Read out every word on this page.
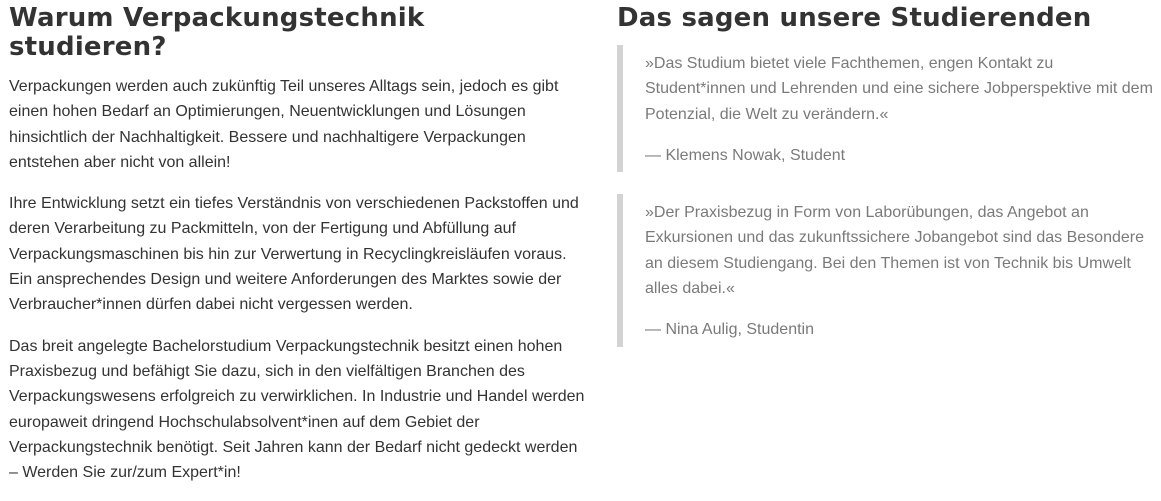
Warum Verpackungstechnik studieren?

Verpackungen werden auch zukünftig Teil unseres Alltags sein, jedoch es gibt einen hohen Bedarf an Optimierungen, Neuentwicklungen und Lösungen hinsichtlich der Nachhaltigkeit. Bessere und nachhaltigere Verpackungen entstehen aber nicht von allein!

Ihre Entwicklung setzt ein tiefes Verständnis von verschiedenen Packstoffen und deren Verarbeitung zu Packmitteln, von der Fertigung und Abfüllung auf Verpackungsmaschinen bis hin zur Verwertung in Recyclingkreisläufen voraus. Ein ansprechendes Design und weitere Anforderungen des Marktes sowie der Verbraucher*innen dürfen dabei nicht vergessen werden.

Das breit angelegte Bachelorstudium Verpackungstechnik besitzt einen hohen Praxisbezug und befähigt Sie dazu, sich in den vielfältigen Branchen des Verpackungswesens erfolgreich zu verwirklichen. In Industrie und Handel werden europaweit dringend Hochschulabsolvent*inen auf dem Gebiet der Verpackungstechnik benötigt. Seit Jahren kann der Bedarf nicht gedeckt werden – Werden Sie zur/zum Expert*in!

Das sagen unsere Studierenden

»Das Studium bietet viele Fachthemen, engen Kontakt zu Student*innen und Lehrenden und eine sichere Jobperspektive mit dem Potenzial, die Welt zu verändern.«

— Klemens Nowak, Student

»Der Praxisbezug in Form von Laborübungen, das Angebot an Exkursionen und das zukunftssichere Jobangebot sind das Besondere an diesem Studiengang. Bei den Themen ist von Technik bis Umwelt alles dabei.«

— Nina Aulig, Studentin
